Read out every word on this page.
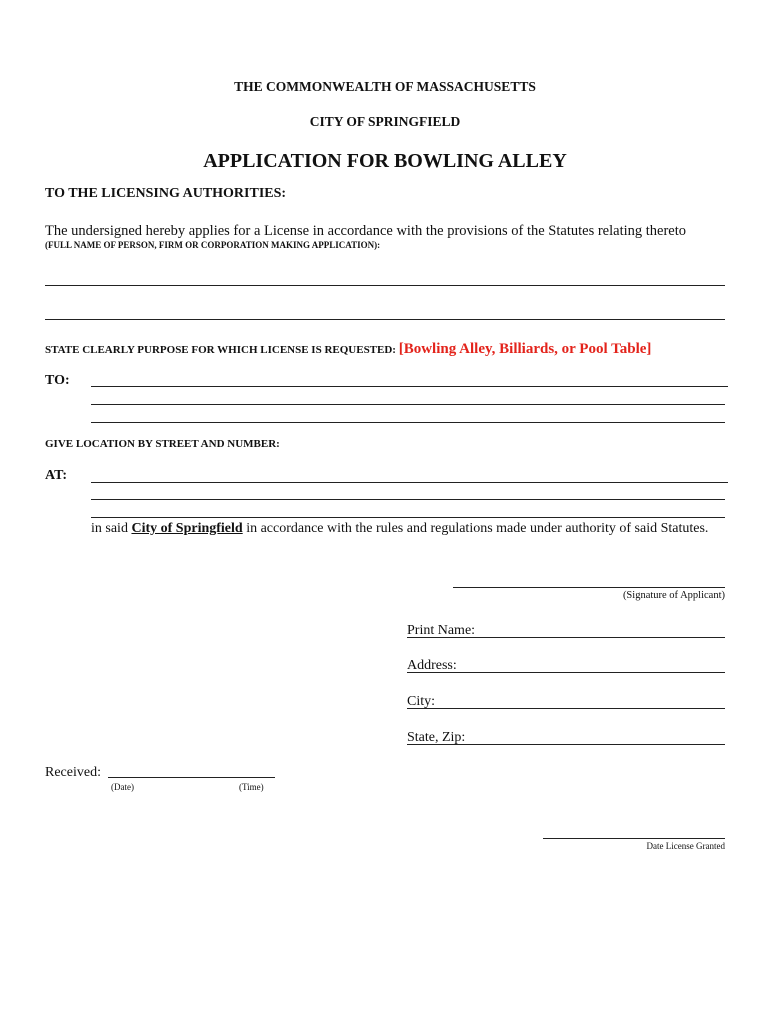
THE COMMONWEALTH OF MASSACHUSETTS
CITY OF SPRINGFIELD
APPLICATION FOR BOWLING ALLEY
TO THE LICENSING AUTHORITIES:
The undersigned hereby applies for a License in accordance with the provisions of the Statutes relating thereto
(FULL NAME OF PERSON, FIRM OR CORPORATION MAKING APPLICATION):
STATE CLEARLY PURPOSE FOR WHICH LICENSE IS REQUESTED: [Bowling Alley, Billiards, or Pool Table]
TO:
GIVE LOCATION BY STREET AND NUMBER:
AT:
in said City of Springfield in accordance with the rules and regulations made under authority of said Statutes.
(Signature of Applicant)
Print Name:
Address:
City:
State, Zip:
Received:
(Date)	(Time)
Date License Granted
